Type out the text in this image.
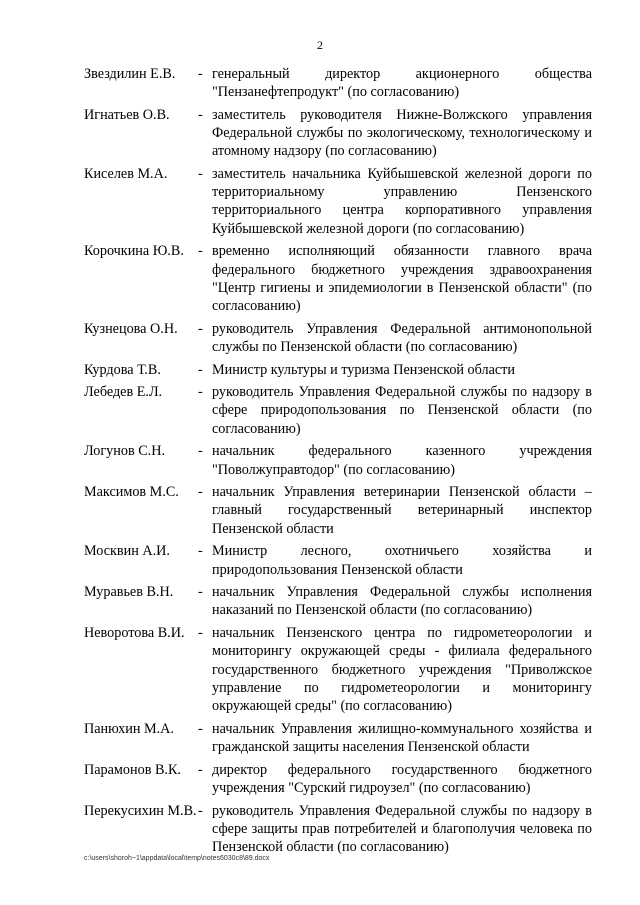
2
Звездилин Е.В.	- генеральный директор акционерного общества "Пензанефтепродукт" (по согласованию)
Игнатьев О.В.	- заместитель руководителя Нижне-Волжского управления Федеральной службы по экологическому, технологическому и атомному надзору (по согласованию)
Киселев М.А.	- заместитель начальника Куйбышевской железной дороги по территориальному управлению Пензенского территориального центра корпоративного управления Куйбышевской железной дороги (по согласованию)
Корочкина Ю.В. - временно исполняющий обязанности главного врача федерального бюджетного учреждения здравоохранения "Центр гигиены и эпидемиологии в Пензенской области" (по согласованию)
Кузнецова О.Н.	- руководитель Управления Федеральной антимонопольной службы по Пензенской области (по согласованию)
Курдова Т.В.	- Министр культуры и туризма Пензенской области
Лебедев Е.Л.	- руководитель Управления Федеральной службы по надзору в сфере природопользования по Пензенской области (по согласованию)
Логунов С.Н.	- начальник федерального казенного учреждения "Поволжуправтодор" (по согласованию)
Максимов М.С.	- начальник Управления ветеринарии Пензенской области – главный государственный ветеринарный инспектор Пензенской области
Москвин А.И.	- Министр лесного, охотничьего хозяйства и природопользования Пензенской области
Муравьев В.Н.	- начальник Управления Федеральной службы исполнения наказаний по Пензенской области (по согласованию)
Неворотова В.И. - начальник Пензенского центра по гидрометеорологии и мониторингу окружающей среды - филиала федерального государственного бюджетного учреждения "Приволжское управление по гидрометеорологии и мониторингу окружающей среды" (по согласованию)
Панюхин М.А.	- начальник Управления жилищно-коммунального хозяйства и гражданской защиты населения Пензенской области
Парамонов В.К.	- директор федерального государственного бюджетного учреждения "Сурский гидроузел" (по согласованию)
Перекусихин М.В. - руководитель Управления Федеральной службы по надзору в сфере защиты прав потребителей и благополучия человека по Пензенской области (по согласованию)
c:\users\shoroh~1\appdata\local\temp\notes6030c8\89.docx
